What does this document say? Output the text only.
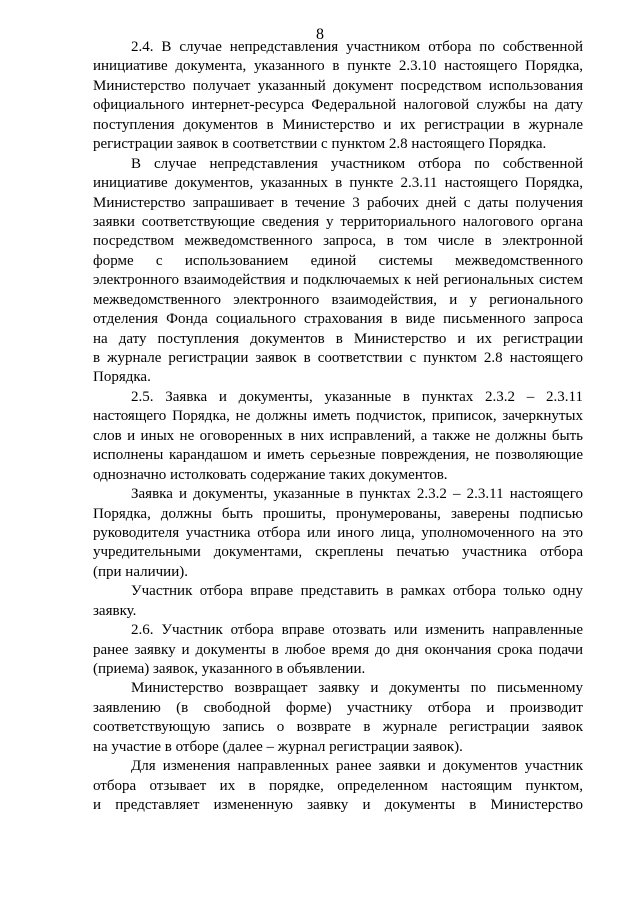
8
2.4. В случае непредставления участником отбора по собственной
инициативе документа, указанного в пункте 2.3.10 настоящего Порядка,
Министерство получает указанный документ посредством использования
официального интернет-ресурса Федеральной налоговой службы на дату
поступления документов в Министерство и их регистрации в журнале
регистрации заявок в соответствии с пунктом 2.8 настоящего Порядка.
В случае непредставления участником отбора по собственной
инициативе документов, указанных в пункте 2.3.11 настоящего Порядка,
Министерство запрашивает в течение 3 рабочих дней с даты получения
заявки соответствующие сведения у территориального налогового органа
посредством межведомственного запроса, в том числе в электронной
форме с использованием единой системы межведомственного
электронного взаимодействия и подключаемых к ней региональных систем
межведомственного электронного взаимодействия, и у регионального
отделения Фонда социального страхования в виде письменного запроса
на дату поступления документов в Министерство и их регистрации
в журнале регистрации заявок в соответствии с пунктом 2.8 настоящего
Порядка.
2.5. Заявка и документы, указанные в пунктах 2.3.2 – 2.3.11
настоящего Порядка, не должны иметь подчисток, приписок, зачеркнутых
слов и иных не оговоренных в них исправлений, а также не должны быть
исполнены карандашом и иметь серьезные повреждения, не позволяющие
однозначно истолковать содержание таких документов.
Заявка и документы, указанные в пунктах 2.3.2 – 2.3.11 настоящего
Порядка, должны быть прошиты, пронумерованы, заверены подписью
руководителя участника отбора или иного лица, уполномоченного на это
учредительными документами, скреплены печатью участника отбора
(при наличии).
Участник отбора вправе представить в рамках отбора только одну
заявку.
2.6. Участник отбора вправе отозвать или изменить направленные
ранее заявку и документы в любое время до дня окончания срока подачи
(приема) заявок, указанного в объявлении.
Министерство возвращает заявку и документы по письменному
заявлению (в свободной форме) участнику отбора и производит
соответствующую запись о возврате в журнале регистрации заявок
на участие в отборе (далее – журнал регистрации заявок).
Для изменения направленных ранее заявки и документов участник
отбора отзывает их в порядке, определенном настоящим пунктом,
и представляет измененную заявку и документы в Министерство
